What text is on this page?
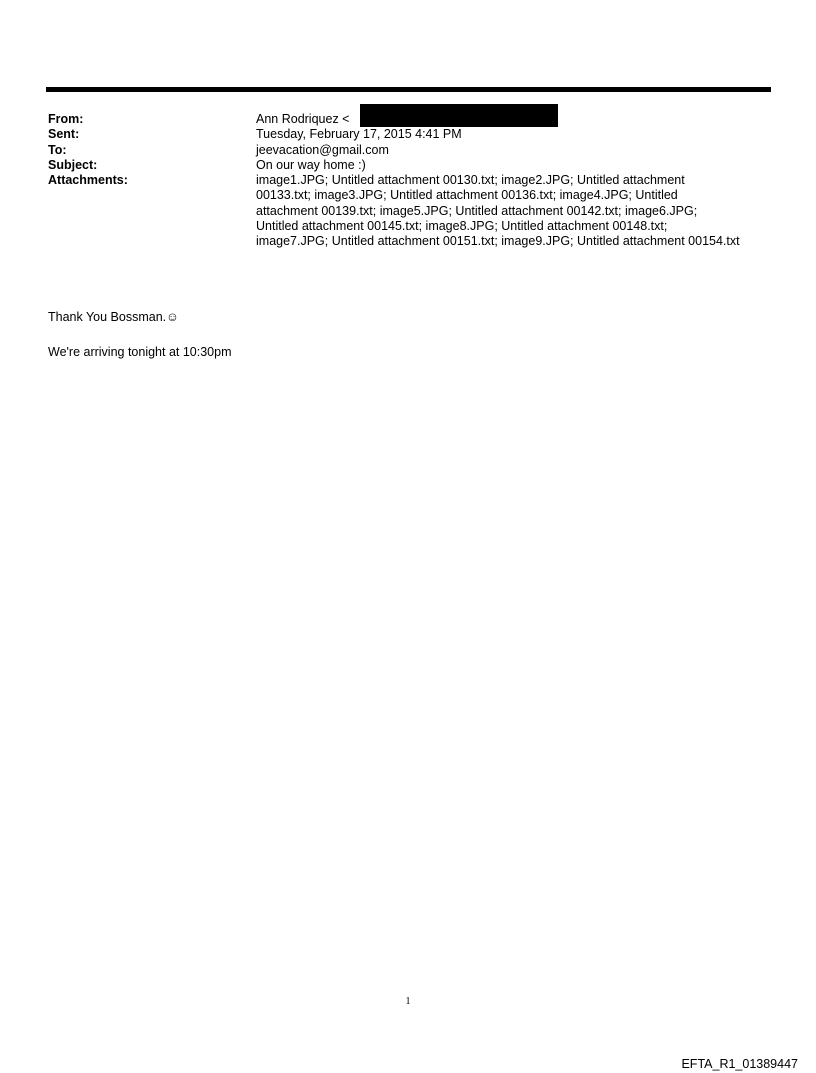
From:	Ann Rodriquez <
Sent:	Tuesday, February 17, 2015 4:41 PM
To:	jeevacation@gmail.com
Subject:	On our way home :)
Attachments:	image1.JPG; Untitled attachment 00130.txt; image2.JPG; Untitled attachment
00133.txt; image3.JPG; Untitled attachment 00136.txt; image4.JPG; Untitled
attachment 00139.txt; image5.JPG; Untitled attachment 00142.txt; image6.JPG;
Untitled attachment 00145.txt; image8.JPG; Untitled attachment 00148.txt;
image7.JPG; Untitled attachment 00151.txt; image9.JPG; Untitled attachment 00154.txt

Thank You Bossman.☺

We're arriving tonight at 10:30pm

1
EFTA_R1_01389447
